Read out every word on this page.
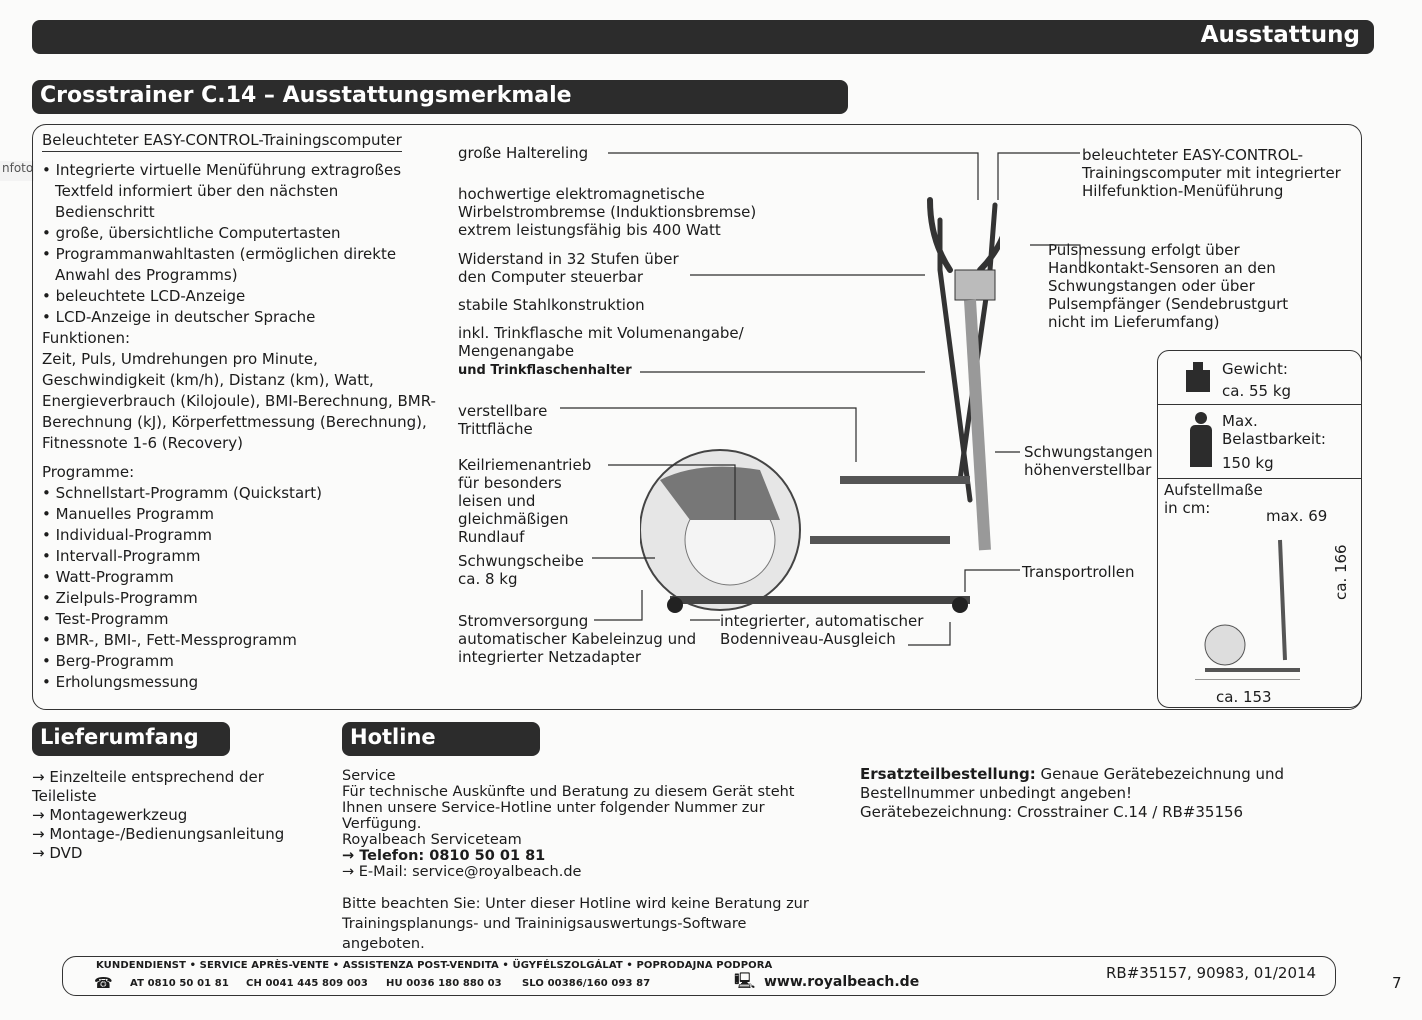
Ausstattung
Crosstrainer C.14 – Ausstattungsmerkmale
nfoto
Beleuchteter EASY-CONTROL-Trainingscomputer
• Integrierte virtuelle Menüführung extragroßes Textfeld informiert über den nächsten Bedienschritt
• große, übersichtliche Computertasten
• Programmanwahltasten (ermöglichen direkte Anwahl des Programms)
• beleuchtete LCD-Anzeige
• LCD-Anzeige in deutscher Sprache
Funktionen:
Zeit, Puls, Umdrehungen pro Minute, Geschwindigkeit (km/h), Distanz (km), Watt, Energieverbrauch (Kilojoule), BMI-Berechnung, BMR-Berechnung (kJ), Körperfettmessung (Berechnung), Fitnessnote 1-6 (Recovery)
Programme:
• Schnellstart-Programm (Quickstart)
• Manuelles Programm
• Individual-Programm
• Intervall-Programm
• Watt-Programm
• Zielpuls-Programm
• Test-Programm
• BMR-, BMI-, Fett-Messprogramm
• Berg-Programm
• Erholungsmessung
große Haltereling
hochwertige elektromagnetische Wirbelstrombremse (Induktionsbremse) extrem leistungsfähig bis 400 Watt
Widerstand in 32 Stufen über den Computer steuerbar
stabile Stahlkonstruktion
inkl. Trinkflasche mit Volumenangabe/ Mengenangabe
und Trinkflaschenhalter
verstellbare Trittfläche
Keilriemenantrieb für besonders leisen und gleichmäßigen Rundlauf
Schwungscheibe ca. 8 kg
Stromversorgung automatischer Kabeleinzug und integrierter Netzadapter
integrierter, automatischer Bodenniveau-Ausgleich
beleuchteter EASY-CONTROL-Trainingscomputer mit integrierter Hilfefunktion-Menüführung
Pulsmessung erfolgt über Handkontakt-Sensoren an den Schwungstangen oder über Pulsempfänger (Sendebrustgurt nicht im Lieferumfang)
Schwungstangen höhenverstellbar
Transportrollen
Gewicht:
ca. 55 kg
Max. Belastbarkeit:
150 kg
Aufstellmaße in cm:	max. 69
ca. 166
ca. 153
Lieferumfang
→ Einzelteile entsprechend der Teileliste
→ Montagewerkzeug
→ Montage-/Bedienungsanleitung
→ DVD
Hotline
Service
Für technische Auskünfte und Beratung zu diesem Gerät steht Ihnen unsere Service-Hotline unter folgender Nummer zur Verfügung.
Royalbeach Serviceteam
→ Telefon: 0810 50 01 81
→ E-Mail: service@royalbeach.de
Bitte beachten Sie: Unter dieser Hotline wird keine Beratung zur Trainingsplanungs- und Traininigsauswertungs-Software angeboten.
Ersatzteilbestellung: Genaue Gerätebezeichnung und Bestellnummer unbedingt angeben!
Gerätebezeichnung: Crosstrainer C.14 / RB#35156
KUNDENDIENST • SERVICE APRÈS-VENTE • ASSISTENZA POST-VENDITA • ÜGYFÉLSZOLGÁLAT • POPRODAJNA PODPORA
☎ AT 0810 50 01 81 CH 0041 445 809 003 HU 0036 180 880 03 SLO 00386/160 093 87	🖳 www.royalbeach.de	RB#35157, 90983, 01/2014
7
